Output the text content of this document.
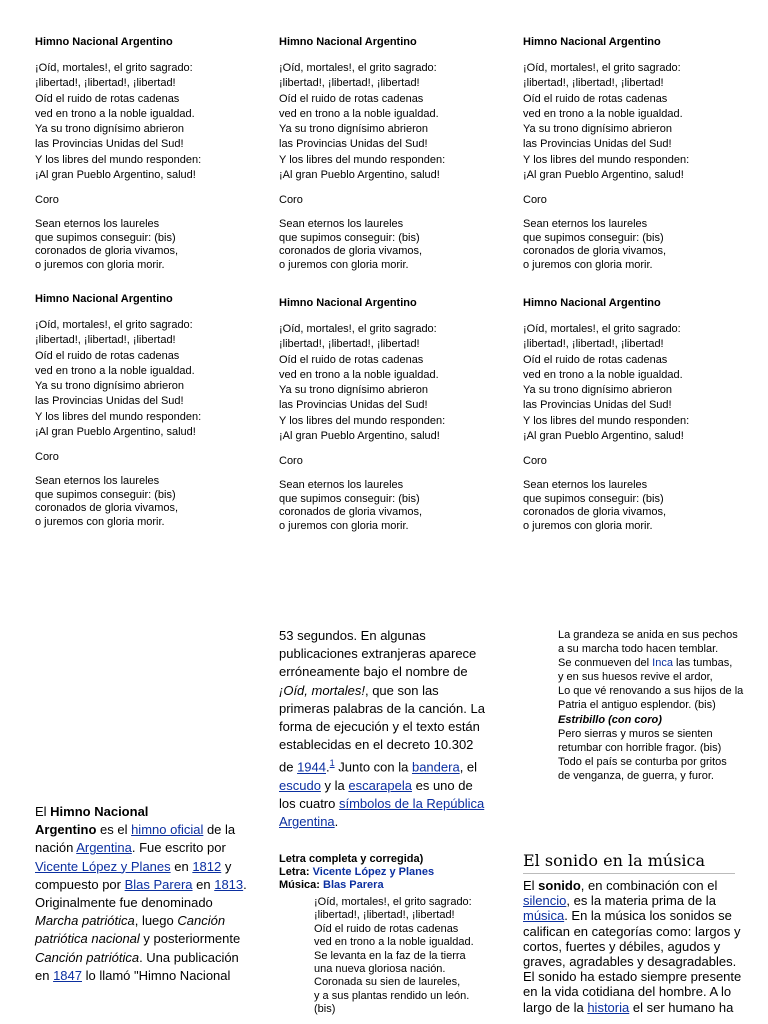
Himno Nacional Argentino

¡Oíd, mortales!, el grito sagrado:

¡libertad!, ¡libertad!, ¡libertad!

Oíd el ruido de rotas cadenas

ved en trono a la noble igualdad.

Ya su trono dignísimo abrieron

las Provincias Unidas del Sud!

Y los libres del mundo responden:

¡Al gran Pueblo Argentino, salud!

Coro

Sean eternos los laureles

que supimos conseguir: (bis)

coronados de gloria vivamos,

o juremos con gloria morir.

Himno Nacional Argentino

¡Oíd, mortales!, el grito sagrado:

¡libertad!, ¡libertad!, ¡libertad!

Oíd el ruido de rotas cadenas

ved en trono a la noble igualdad.

Ya su trono dignísimo abrieron

las Provincias Unidas del Sud!

Y los libres del mundo responden:

¡Al gran Pueblo Argentino, salud!

Coro

Sean eternos los laureles

que supimos conseguir: (bis)

coronados de gloria vivamos,

o juremos con gloria morir.

Himno Nacional Argentino

¡Oíd, mortales!, el grito sagrado:

¡libertad!, ¡libertad!, ¡libertad!

Oíd el ruido de rotas cadenas

ved en trono a la noble igualdad.

Ya su trono dignísimo abrieron

las Provincias Unidas del Sud!

Y los libres del mundo responden:

¡Al gran Pueblo Argentino, salud!

Coro

Sean eternos los laureles

que supimos conseguir: (bis)

coronados de gloria vivamos,

o juremos con gloria morir.

Himno Nacional Argentino

¡Oíd, mortales!, el grito sagrado:

¡libertad!, ¡libertad!, ¡libertad!

Oíd el ruido de rotas cadenas

ved en trono a la noble igualdad.

Ya su trono dignísimo abrieron

las Provincias Unidas del Sud!

Y los libres del mundo responden:

¡Al gran Pueblo Argentino, salud!

Coro

Sean eternos los laureles

que supimos conseguir: (bis)

coronados de gloria vivamos,

o juremos con gloria morir.

Himno Nacional Argentino

¡Oíd, mortales!, el grito sagrado:

¡libertad!, ¡libertad!, ¡libertad!

Oíd el ruido de rotas cadenas

ved en trono a la noble igualdad.

Ya su trono dignísimo abrieron

las Provincias Unidas del Sud!

Y los libres del mundo responden:

¡Al gran Pueblo Argentino, salud!

Coro

Sean eternos los laureles

que supimos conseguir: (bis)

coronados de gloria vivamos,

o juremos con gloria morir.

Himno Nacional Argentino

¡Oíd, mortales!, el grito sagrado:

¡libertad!, ¡libertad!, ¡libertad!

Oíd el ruido de rotas cadenas

ved en trono a la noble igualdad.

Ya su trono dignísimo abrieron

las Provincias Unidas del Sud!

Y los libres del mundo responden:

¡Al gran Pueblo Argentino, salud!

Coro

Sean eternos los laureles

que supimos conseguir: (bis)

coronados de gloria vivamos,

o juremos con gloria morir.

El Himno Nacional
Argentino es el himno oficial de la nación Argentina. Fue escrito por Vicente López y Planes en 1812 y compuesto por Blas Parera en 1813. Originalmente fue denominado Marcha patriótica, luego Canción patriótica nacional y posteriormente Canción patriótica. Una publicación en 1847 lo llamó "Himno Nacional

53 segundos. En algunas publicaciones extranjeras aparece erróneamente bajo el nombre de ¡Oíd, mortales!, que son las primeras palabras de la canción. La forma de ejecución y el texto están establecidas en el decreto 10.302 de 1944.$^1$ Junto con la bandera, el escudo y la escarapela es uno de los cuatro símbolos de la República Argentina.

Letra completa y corregida)
Letra: Vicente López y Planes
Música: Blas Parera
¡Oíd, mortales!, el grito sagrado:
¡libertad!, ¡libertad!, ¡libertad!
Oíd el ruido de rotas cadenas
ved en trono a la noble igualdad.
Se levanta en la faz de la tierra
una nueva gloriosa nación.
Coronada su sien de laureles,
y a sus plantas rendido un león.
(bis)
La grandeza se anida en sus pechos
a su marcha todo hacen temblar.
Se conmueven del Inca las tumbas,
y en sus huesos revive el ardor,
Lo que vé renovando a sus hijos de la Patria el antiguo esplendor. (bis)
Estribillo (con coro)
Pero sierras y muros se sienten retumbar con horrible fragor. (bis)
Todo el país se conturba por gritos
de venganza, de guerra, y furor.
El sonido en la música
El sonido, en combinación con el silencio, es la materia prima de la música. En la música los sonidos se califican en categorías como: largos y cortos, fuertes y débiles, agudos y graves, agradables y desagradables. El sonido ha estado siempre presente en la vida cotidiana del hombre. A lo largo de la historia el ser humano ha
